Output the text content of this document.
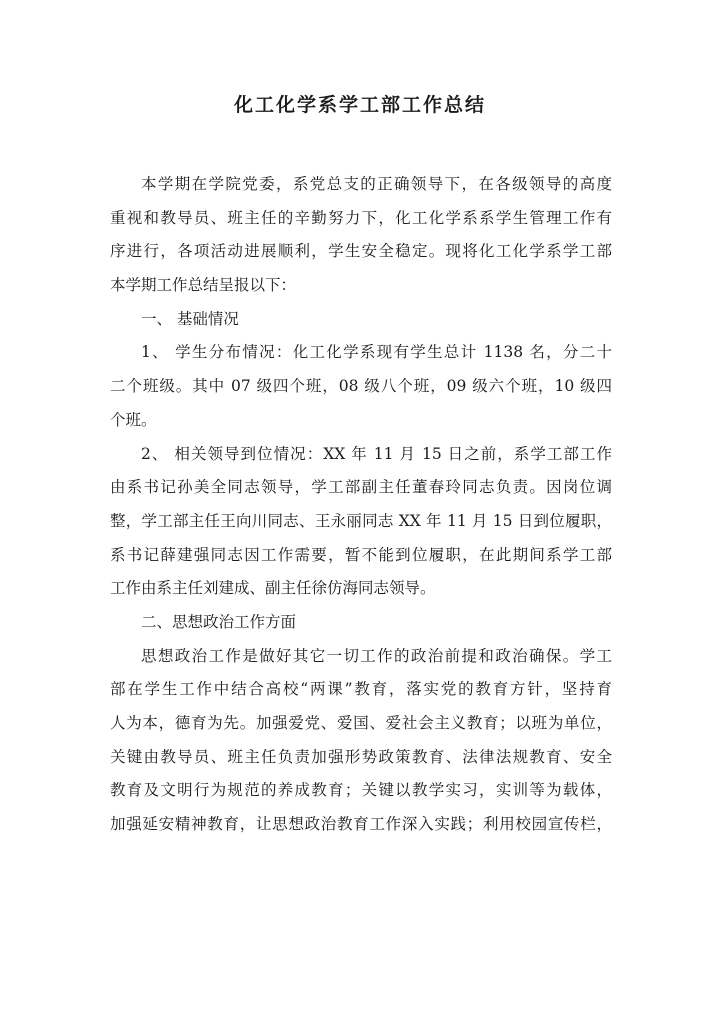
化工化学系学工部工作总结
本学期在学院党委，系党总支的正确领导下，在各级领导的高度
重视和教导员、班主任的辛勤努力下，化工化学系系学生管理工作有
序进行，各项活动进展顺利，学生安全稳定。现将化工化学系学工部
本学期工作总结呈报以下：
一、 基础情况
1、 学生分布情况：化工化学系现有学生总计 1138 名，分二十
二个班级。其中 07 级四个班，08 级八个班，09 级六个班，10 级四
个班。
2、 相关领导到位情况：XX 年 11 月 15 日之前，系学工部工作
由系书记孙美全同志领导，学工部副主任董春玲同志负责。因岗位调
整，学工部主任王向川同志、王永丽同志 XX 年 11 月 15 日到位履职，
系书记薛建强同志因工作需要，暂不能到位履职，在此期间系学工部
工作由系主任刘建成、副主任徐仿海同志领导。
二、思想政治工作方面
思想政治工作是做好其它一切工作的政治前提和政治确保。学工
部在学生工作中结合高校“两课”教育，落实党的教育方针，坚持育
人为本，德育为先。加强爱党、爱国、爱社会主义教育；以班为单位，
关键由教导员、班主任负责加强形势政策教育、法律法规教育、安全
教育及文明行为规范的养成教育；关键以教学实习，实训等为载体，
加强延安精神教育，让思想政治教育工作深入实践；利用校园宣传栏，
